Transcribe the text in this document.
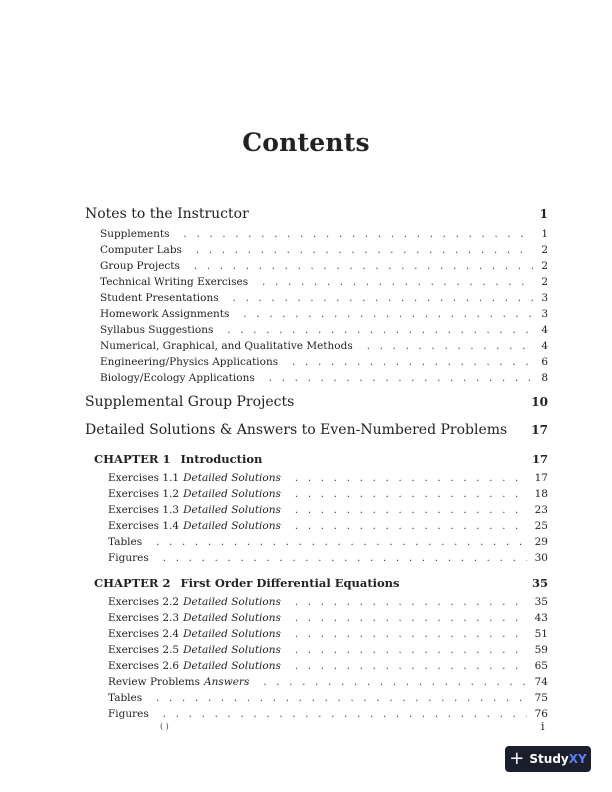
Contents
Notes to the Instructor	1
Supplements . . .	1
Computer Labs . . .	2
Group Projects . . .	2
Technical Writing Exercises . . .	2
Student Presentations . . .	3
Homework Assignments . . .	3
Syllabus Suggestions . . .	4
Numerical, Graphical, and Qualitative Methods . . .	4
Engineering/Physics Applications . . .	6
Biology/Ecology Applications . . .	8
Supplemental Group Projects	10
Detailed Solutions & Answers to Even-Numbered Problems 17
CHAPTER 1 Introduction	17
Exercises 1.1 Detailed Solutions . . .	17
Exercises 1.2 Detailed Solutions . . .	18
Exercises 1.3 Detailed Solutions . . .	23
Exercises 1.4 Detailed Solutions . . .	25
Tables . . .	29
Figures . . .	30
CHAPTER 2 First Order Differential Equations	35
Exercises 2.2 Detailed Solutions . . .	35
Exercises 2.3 Detailed Solutions . . .	43
Exercises 2.4 Detailed Solutions . . .	51
Exercises 2.5 Detailed Solutions . . .	59
Exercises 2.6 Detailed Solutions . . .	65
Review Problems Answers . . .	74
Tables . . .	75
Figures . . .	76
( )	i
+ Study XY
